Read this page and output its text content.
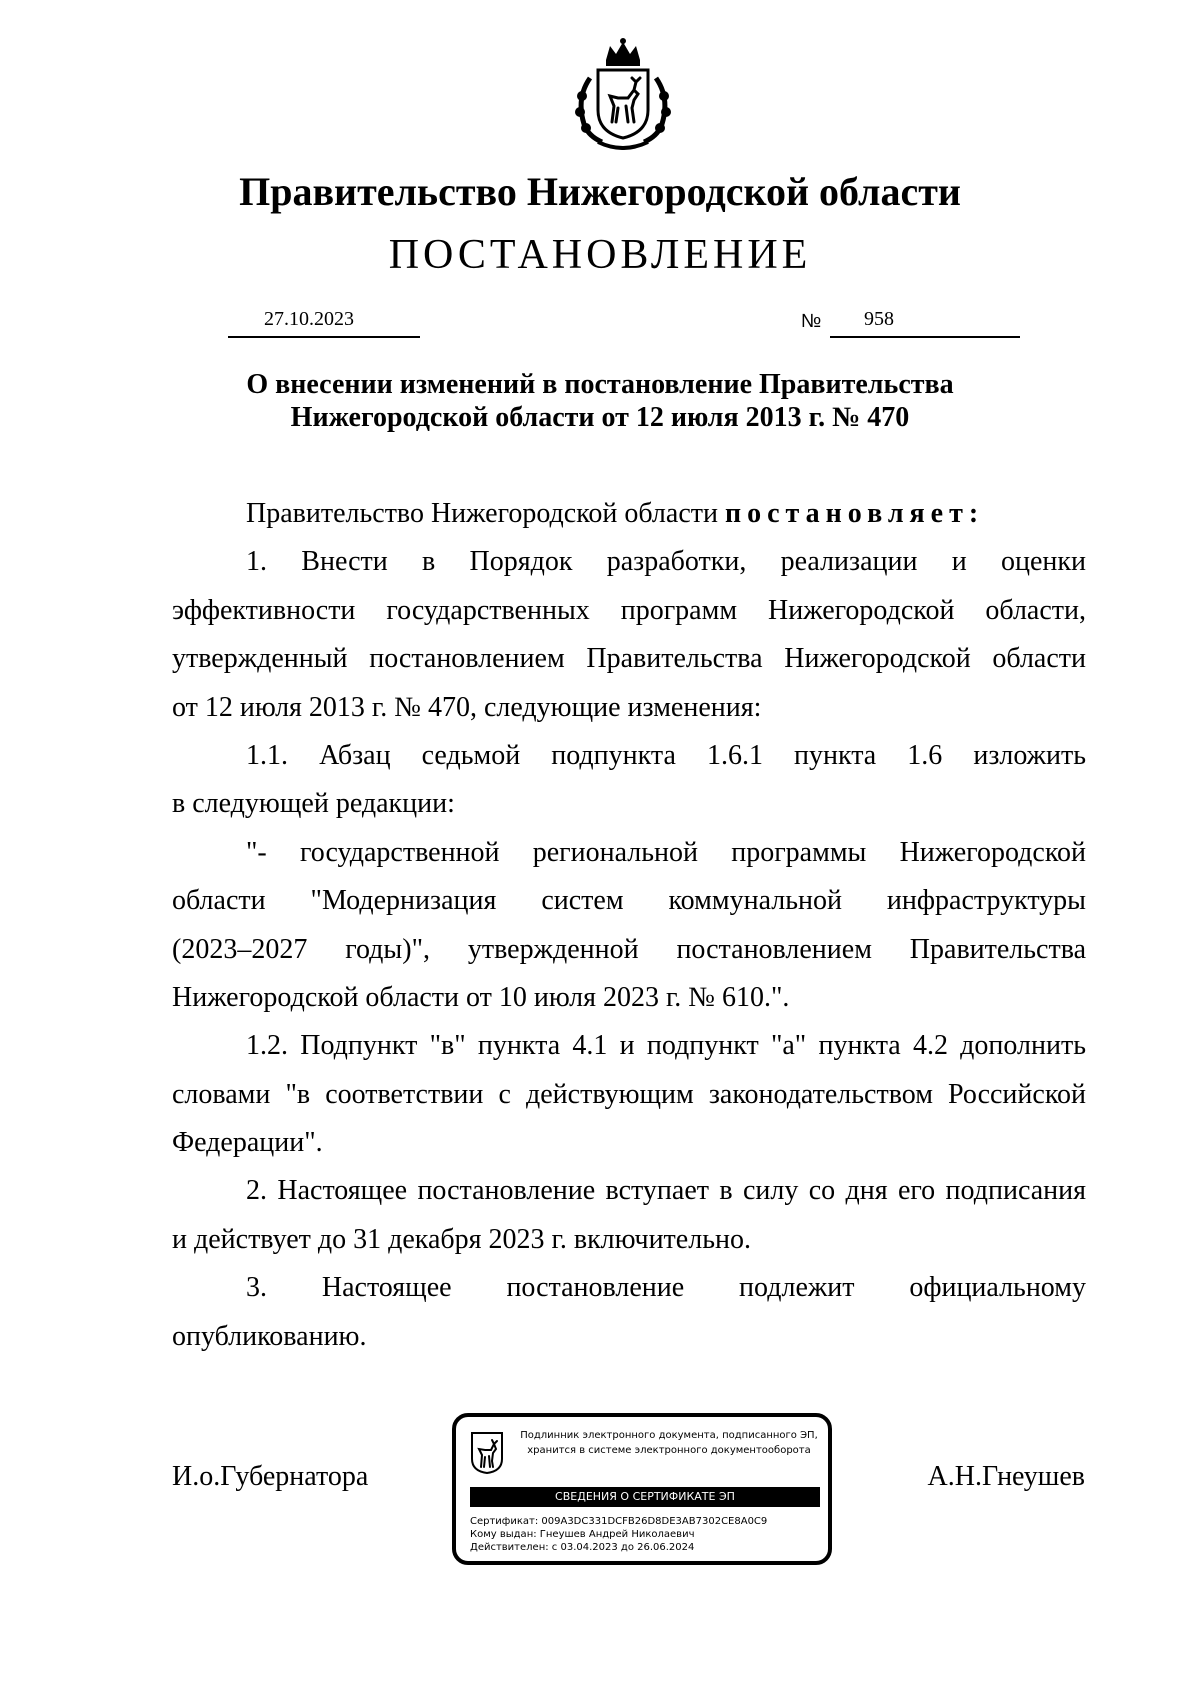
Правительство Нижегородской области
ПОСТАНОВЛЕНИЕ
27.10.2023	№ 958
О внесении изменений в постановление Правительства
Нижегородской области от 12 июля 2013 г. № 470
Правительство Нижегородской области постановляет:
1. Внести в Порядок разработки, реализации и оценки
эффективности государственных программ Нижегородской области,
утвержденный постановлением Правительства Нижегородской области
от 12 июля 2013 г. № 470, следующие изменения:
1.1. Абзац седьмой подпункта 1.6.1 пункта 1.6 изложить
в следующей редакции:
"- государственной региональной программы Нижегородской
области "Модернизация систем коммунальной инфраструктуры
(2023–2027 годы)", утвержденной постановлением Правительства
Нижегородской области от 10 июля 2023 г. № 610.".
1.2. Подпункт "в" пункта 4.1 и подпункт "а" пункта 4.2 дополнить
словами "в соответствии с действующим законодательством Российской
Федерации".
2. Настоящее постановление вступает в силу со дня его подписания
и действует до 31 декабря 2023 г. включительно.
3. Настоящее постановление подлежит официальному
опубликованию.
И.о.Губернатора	А.Н.Гнеушев
Подлинник электронного документа, подписанного ЭП,
хранится в системе электронного документооборота
СВЕДЕНИЯ О СЕРТИФИКАТЕ ЭП
Сертификат: 009A3DC331DCFB26D8DE3AB7302CE8A0C9
Кому выдан: Гнеушев Андрей Николаевич
Действителен: с 03.04.2023 до 26.06.2024
